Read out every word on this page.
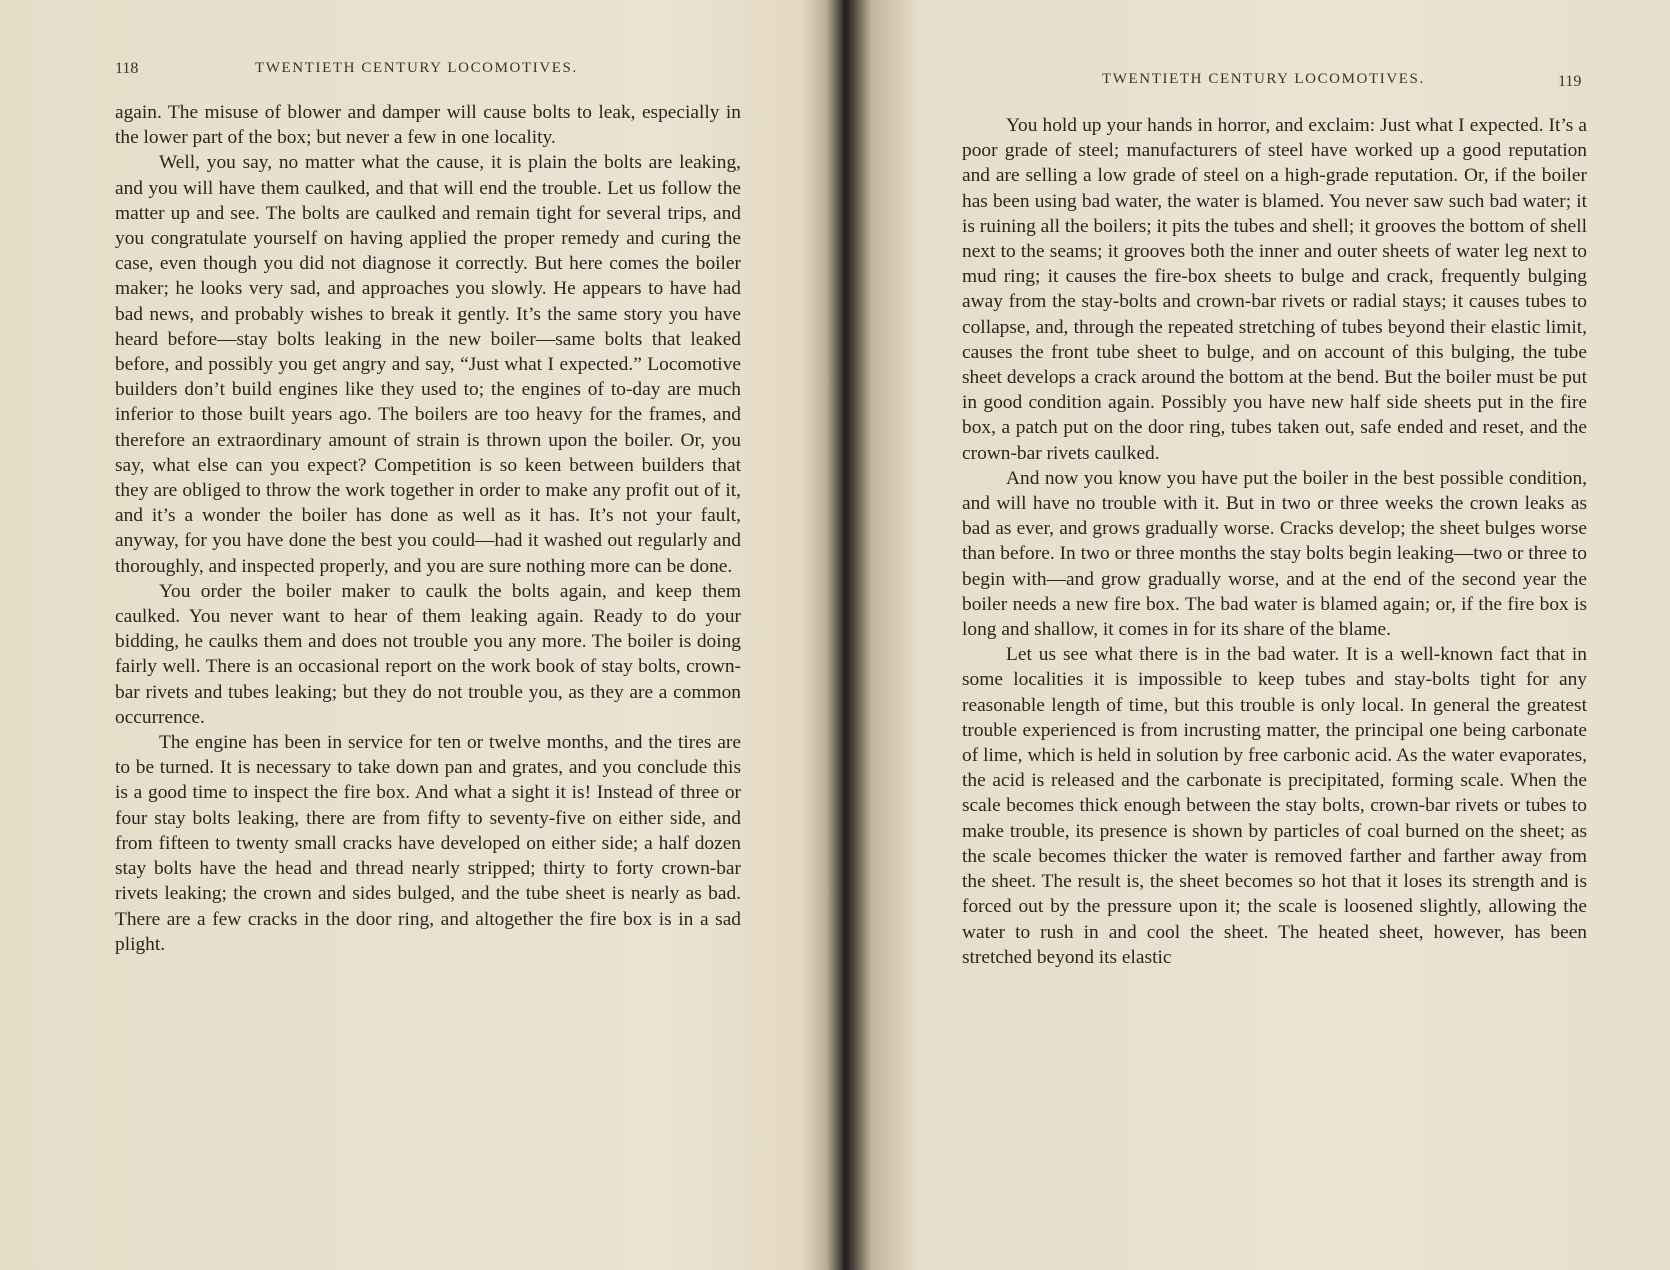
118	TWENTIETH CENTURY LOCOMOTIVES.

again. The misuse of blower and damper will cause bolts to leak, especially in the lower part of the box; but never a few in one locality.

Well, you say, no matter what the cause, it is plain the bolts are leaking, and you will have them caulked, and that will end the trouble. Let us follow the matter up and see. The bolts are caulked and remain tight for several trips, and you congratulate yourself on having applied the proper remedy and curing the case, even though you did not diagnose it correctly. But here comes the boiler maker; he looks very sad, and approaches you slowly. He appears to have had bad news, and probably wishes to break it gently. It’s the same story you have heard before—stay bolts leaking in the new boiler—same bolts that leaked before, and possibly you get angry and say, “Just what I expected.” Locomotive builders don’t build engines like they used to; the engines of to-day are much inferior to those built years ago. The boilers are too heavy for the frames, and therefore an extraordinary amount of strain is thrown upon the boiler. Or, you say, what else can you expect? Competition is so keen between builders that they are obliged to throw the work together in order to make any profit out of it, and it’s a wonder the boiler has done as well as it has. It’s not your fault, anyway, for you have done the best you could—had it washed out regularly and thoroughly, and inspected properly, and you are sure nothing more can be done.

You order the boiler maker to caulk the bolts again, and keep them caulked. You never want to hear of them leaking again. Ready to do your bidding, he caulks them and does not trouble you any more. The boiler is doing fairly well. There is an occasional report on the work book of stay bolts, crown-bar rivets and tubes leaking; but they do not trouble you, as they are a common occurrence.

The engine has been in service for ten or twelve months, and the tires are to be turned. It is necessary to take down pan and grates, and you conclude this is a good time to inspect the fire box. And what a sight it is! Instead of three or four stay bolts leaking, there are from fifty to seventy-five on either side, and from fifteen to twenty small cracks have developed on either side; a half dozen stay bolts have the head and thread nearly stripped; thirty to forty crown-bar rivets leaking; the crown and sides bulged, and the tube sheet is nearly as bad. There are a few cracks in the door ring, and altogether the fire box is in a sad plight.

TWENTIETH CENTURY LOCOMOTIVES.	119

You hold up your hands in horror, and exclaim: Just what I expected. It’s a poor grade of steel; manufacturers of steel have worked up a good reputation and are selling a low grade of steel on a high-grade reputation. Or, if the boiler has been using bad water, the water is blamed. You never saw such bad water; it is ruining all the boilers; it pits the tubes and shell; it grooves the bottom of shell next to the seams; it grooves both the inner and outer sheets of water leg next to mud ring; it causes the fire-box sheets to bulge and crack, frequently bulging away from the stay-bolts and crown-bar rivets or radial stays; it causes tubes to collapse, and, through the repeated stretching of tubes beyond their elastic limit, causes the front tube sheet to bulge, and on account of this bulging, the tube sheet develops a crack around the bottom at the bend. But the boiler must be put in good condition again. Possibly you have new half side sheets put in the fire box, a patch put on the door ring, tubes taken out, safe ended and reset, and the crown-bar rivets caulked.

And now you know you have put the boiler in the best possible condition, and will have no trouble with it. But in two or three weeks the crown leaks as bad as ever, and grows gradually worse. Cracks develop; the sheet bulges worse than before. In two or three months the stay bolts begin leaking—two or three to begin with—and grow gradually worse, and at the end of the second year the boiler needs a new fire box. The bad water is blamed again; or, if the fire box is long and shallow, it comes in for its share of the blame.

Let us see what there is in the bad water. It is a well-known fact that in some localities it is impossible to keep tubes and stay-bolts tight for any reasonable length of time, but this trouble is only local. In general the greatest trouble experienced is from incrusting matter, the principal one being carbonate of lime, which is held in solution by free carbonic acid. As the water evaporates, the acid is released and the carbonate is precipitated, forming scale. When the scale becomes thick enough between the stay bolts, crown-bar rivets or tubes to make trouble, its presence is shown by particles of coal burned on the sheet; as the scale becomes thicker the water is removed farther and farther away from the sheet. The result is, the sheet becomes so hot that it loses its strength and is forced out by the pressure upon it; the scale is loosened slightly, allowing the water to rush in and cool the sheet. The heated sheet, however, has been stretched beyond its elastic
